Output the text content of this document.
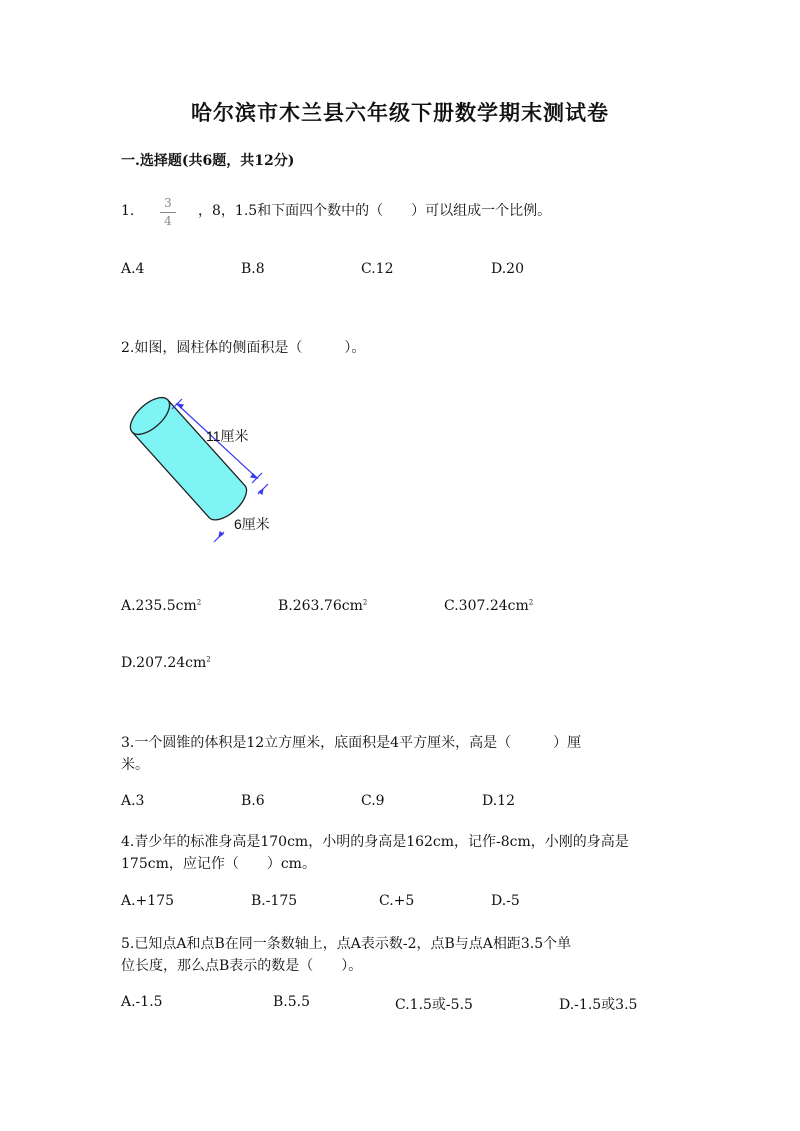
哈尔滨市木兰县六年级下册数学期末测试卷
一.选择题(共6题，共12分)
1.	3
4
，8，1.5和下面四个数中的（　　）可以组成一个比例。
A.4	B.8	C.12	D.20
2.如图，圆柱体的侧面积是（　　　）。
11厘米
6厘米
$A.235.5cm^2$	$B.263.76cm^2$	$C.307.24cm^2$
$D.207.24cm^2$
3.一个圆锥的体积是12立方厘米，底面积是4平方厘米，高是（　　　）厘
米。
A.3	B.6	C.9	D.12
4.青少年的标准身高是170cm，小明的身高是162cm，记作-8cm，小刚的身高是
175cm，应记作（　　）cm。
A.+175	B.-175	C.+5	D.-5
5.已知点A和点B在同一条数轴上，点A表示数-2，点B与点A相距3.5个单
位长度，那么点B表示的数是（　　）。
A.-1.5	B.5.5	C.1.5或-5.5	D.-1.5或3.5
